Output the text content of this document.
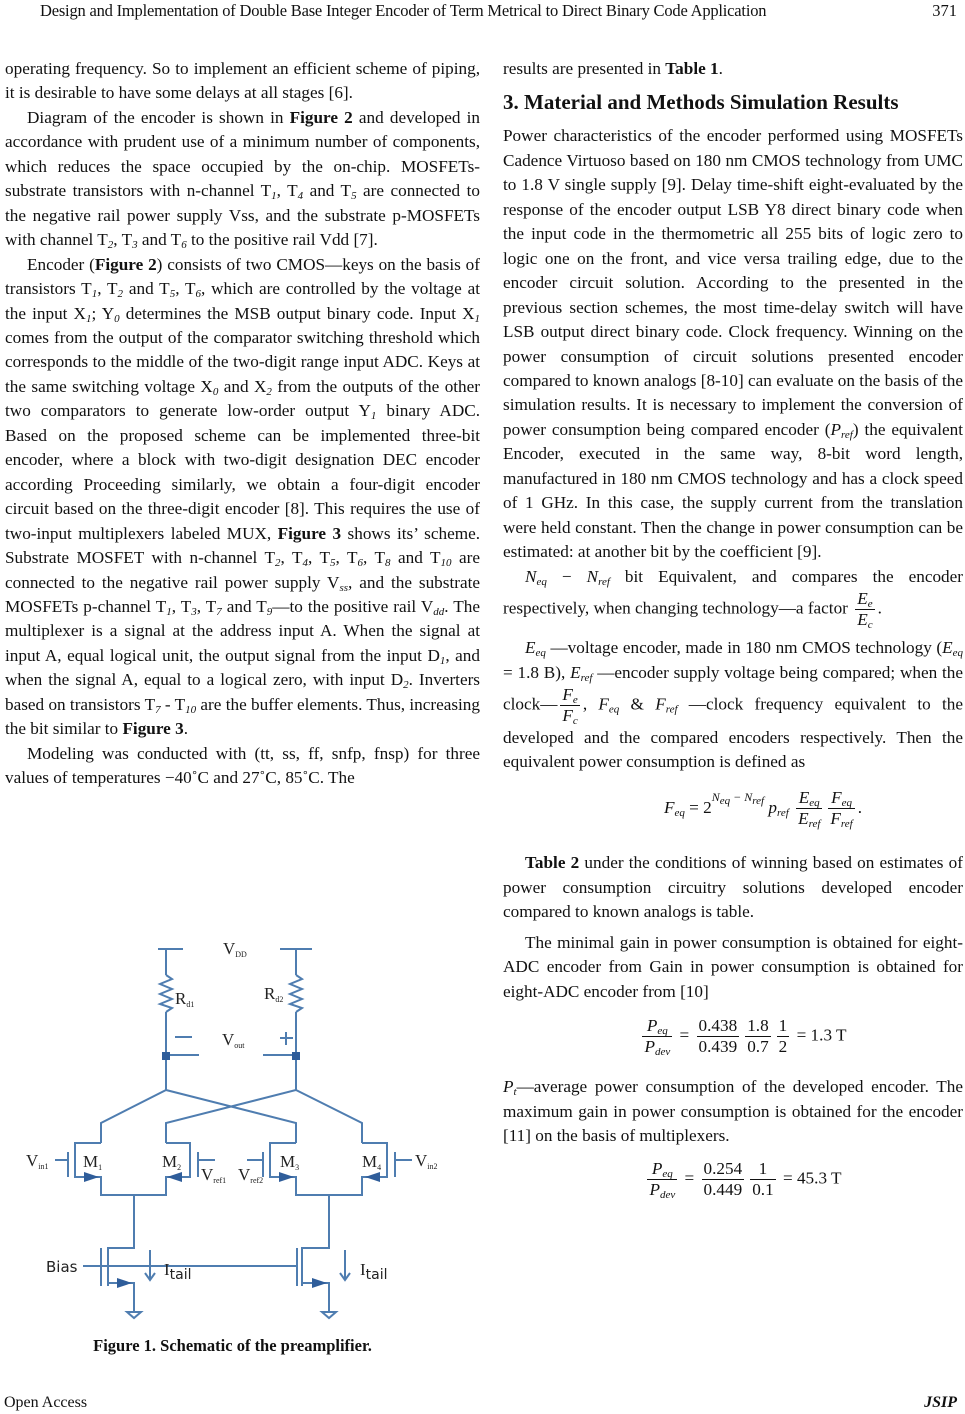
Design and Implementation of Double Base Integer Encoder of Term Metrical to Direct Binary Code Application	371

operating frequency. So to implement an efficient scheme of piping, it is desirable to have some delays at all stages [6].

Diagram of the encoder is shown in Figure 2 and developed in accordance with prudent use of a minimum number of components, which reduces the space occupied by the on-chip. MOSFETs-substrate transistors with n-channel $T_1$, $T_4$ and $T_5$ are connected to the negative rail power supply Vss, and the substrate p-MOSFETs with channel $T_2$, $T_3$ and $T_6$ to the positive rail Vdd [7].

Encoder (Figure 2) consists of two CMOS—keys on the basis of transistors $T_1$, $T_2$ and $T_5$, $T_6$, which are controlled by the voltage at the input $X_1$; $Y_0$ determines the MSB output binary code. Input $X_1$ comes from the output of the comparator switching threshold which corresponds to the middle of the two-digit range input ADC. Keys at the same switching voltage $X_0$ and $X_2$ from the outputs of the other two comparators to generate low-order output $Y_1$ binary ADC. Based on the proposed scheme can be implemented three-bit encoder, where a block with two-digit designation DEC encoder according Proceeding similarly, we obtain a four-digit encoder circuit based on the three-digit encoder [8]. This requires the use of two-input multiplexers labeled MUX, Figure 3 shows its’ scheme. Substrate MOSFET with n-channel $T_2$, $T_4$, $T_5$, $T_6$, $T_8$ and $T_{10}$ are connected to the negative rail power supply $V_{ss}$, and the substrate MOSFETs p-channel $T_1$, $T_3$, $T_7$ and $T_9—to$ the positive rail $V_{dd}$. The multiplexer is a signal at the address input A. When the signal at input A, equal logical unit, the output signal from the input $D_1$, and when the signal A, equal to a logical zero, with input $D_2$. Inverters based on transistors $T_7 - T_{10}$ are the buffer elements. Thus, increasing the bit similar to Figure 3.

Modeling was conducted with (tt, ss, ff, snfp, fnsp) for three values of temperatures −40˚C and 27˚C, 85˚C. The

VDD
Rd1
Rd2
Vout
Vin1 M1	M2 Vref1 Vref2
M3	M4 Vin2
Bias	$I_{tail}$	$I_{tail}$
Figure 1. Schematic of the preamplifier.

results are presented in Table 1.

3. Material and Methods Simulation Results

Power characteristics of the encoder performed using MOSFETs Cadence Virtuoso based on 180 nm CMOS technology from UMC to 1.8 V single supply [9]. Delay time-shift eight-evaluated by the response of the encoder output LSB Y8 direct binary code when the input code in the thermometric all 255 bits of logic zero to logic one on the front, and vice versa trailing edge, due to the encoder circuit solution. According to the presented in the previous section schemes, the most time-delay switch will have LSB output direct binary code. Clock frequency. Winning on the power consumption of circuit solutions presented encoder compared to known analogs [8-10] can evaluate on the basis of the simulation results. It is necessary to implement the conversion of power consumption being compared encoder $(P_{ref})$ the equivalent Encoder, executed in the same way, 8-bit word length, manufactured in 180 nm CMOS technology and has a clock speed of 1 GHz. In this case, the supply current from the translation were held constant. Then the change in power consumption can be estimated: at another bit by the coefficient [9].

$N_{eq} - N_{ref}$ bit Equivalent, and compares the encoder respectively, when changing technology—a factor $\frac{E_e}{E_c}$ .

$E_{eq}$ —voltage encoder, made in 180 nm CMOS technology ($E_{eq} = 1.8$ B), $E_{ref}$ —encoder supply voltage being compared; when the clock— $\frac{F_e}{F_c}$ , $F_{eq}$ & $F_{ref}$ —clock frequency equivalent to the developed and the compared encoders respectively. Then the equivalent power consumption is defined as

$F_{eq} = 2^{N_{eq} - N_{ref}}$ $p_{ref} \frac{E_{eq}}{E_{ref}} \frac{F_{eq}}{F_{ref}}$ .

Table 2 under the conditions of winning based on estimates of power consumption circuitry solutions developed encoder compared to known analogs is table.

The minimal gain in power consumption is obtained for eight-ADC encoder from Gain in power consumption is obtained for eight-ADC encoder from [10]

$\frac{P_{eq}}{P_{dev}} = \frac{0.438}{0.439} \frac{1.8}{0.7} \frac{1}{2} = 1.3$ T

$P_t—average$ power consumption of the developed encoder. The maximum gain in power consumption is obtained for the encoder [11] on the basis of multiplexers.

$\frac{P_{eq}}{P_{dev}} = \frac{0.254}{0.449} \frac{1}{0.1} = 45.3$ T
Open Access	JSIP
